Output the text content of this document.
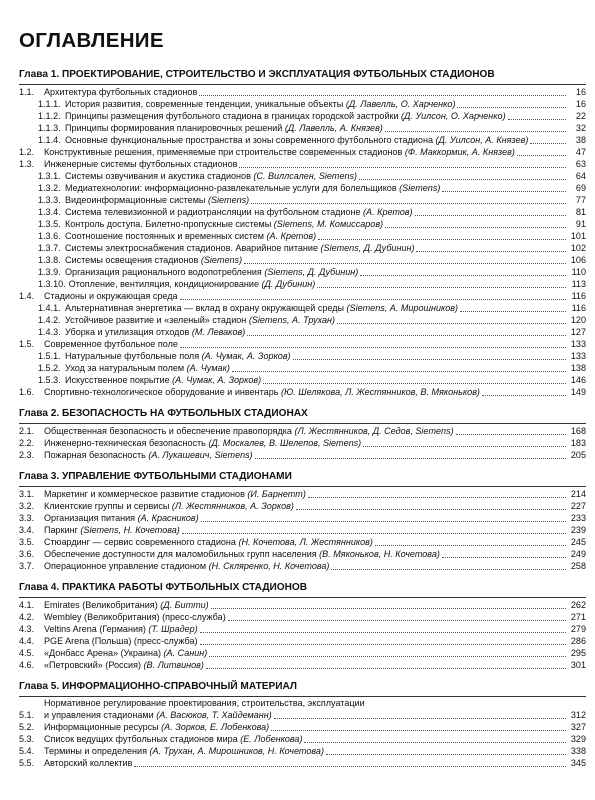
ОГЛАВЛЕНИЕ
Глава 1. ПРОЕКТИРОВАНИЕ, СТРОИТЕЛЬСТВО И ЭКСПЛУАТАЦИЯ ФУТБОЛЬНЫХ СТАДИОНОВ
1.1.	Архитектура футбольных стадионов	16
1.1.1. История развития, современные тенденции, уникальные объекты (Д. Лавелль, О. Харченко)	16
1.1.2. Принципы размещения футбольного стадиона в границах городской застройки (Д. Уилсон, О. Харченко)	22
1.1.3. Принципы формирования планировочных решений (Д. Лавелль, А. Князев)	32
1.1.4. Основные функциональные пространства и зоны современного футбольного стадиона (Д. Уилсон, А. Князев)	38
1.2.	Конструктивные решения, применяемые при строительстве современных стадионов (Ф. Маккормик, А. Князев)	47
1.3.	Инженерные системы футбольных стадионов	63
1.3.1. Системы озвучивания и акустика стадионов (С. Виллсален, Siemens)	64
1.3.2. Медиатехнологии: информационно-развлекательные услуги для болельщиков (Siemens)	69
1.3.3. Видеоинформационные системы (Siemens)	77
1.3.4. Система телевизионной и радиотрансляции на футбольном стадионе (А. Кретов)	81
1.3.5. Контроль доступа. Билетно-пропускные системы (Siemens, М. Комиссаров)	91
1.3.6. Соотношение постоянных и временных систем (А. Кретов)	101
1.3.7. Системы электроснабжения стадионов. Аварийное питание (Siemens, Д. Дубинин)	102
1.3.8. Системы освещения стадионов (Siemens)	106
1.3.9. Организация рационального водопотребления (Siemens, Д. Дубинин)	110
1.3.10. Отопление, вентиляция, кондиционирование (Д. Дубинин)	113
1.4.	Стадионы и окружающая среда	116
1.4.1. Альтернативная энергетика — вклад в охрану окружающей среды (Siemens, А. Мирошников)	116
1.4.2. Устойчивое развитие и «зеленый» стадион (Siemens, А. Трухан)	120
1.4.3. Уборка и утилизация отходов (М. Леваков)	127
1.5.	Современное футбольное поле	133
1.5.1. Натуральные футбольные поля (А. Чумак, А. Зорков)	133
1.5.2. Уход за натуральным полем (А. Чумак)	138
1.5.3. Искусственное покрытие (А. Чумак, А. Зорков)	146
1.6.	Спортивно-технологическое оборудование и инвентарь (Ю. Шелякова, Л. Жестянников, В. Мяконьков)	149
Глава 2. БЕЗОПАСНОСТЬ НА ФУТБОЛЬНЫХ СТАДИОНАХ
2.1.	Общественная безопасность и обеспечение правопорядка (Л. Жестянников, Д. Седов, Siemens)	168
2.2.	Инженерно-техническая безопасность (Д. Москалев, В. Шелепов, Siemens)	183
2.3.	Пожарная безопасность (А. Лукашевич, Siemens)	205
Глава 3. УПРАВЛЕНИЕ ФУТБОЛЬНЫМИ СТАДИОНАМИ
3.1.	Маркетинг и коммерческое развитие стадионов (И. Барнетт)	214
3.2.	Клиентские группы и сервисы (Л. Жестянников, А. Зорков)	227
3.3.	Организация питания (А. Красников)	233
3.4.	Паркинг (Siemens, Н. Кочетова)	239
3.5.	Стюардинг — сервис современного стадиона (Н. Кочетова, Л. Жестянников)	245
3.6.	Обеспечение доступности для маломобильных групп населения (В. Мяконьков, Н. Кочетова)	249
3.7.	Операционное управление стадионом (Н. Скляренко, Н. Кочетова)	258
Глава 4. ПРАКТИКА РАБОТЫ ФУТБОЛЬНЫХ СТАДИОНОВ
4.1.	Emirates (Великобритания) (Д. Битти)	262
4.2.	Wembley (Великобритания) (пресс-служба)	271
4.3.	Veltins Arena (Германия) (Т. Шрадер)	279
4.4.	PGE Arena (Польша) (пресс-служба)	286
4.5.	«Донбасс Арена» (Украина) (А. Санин)	295
4.6.	«Петровский» (Россия) (В. Литвинов)	301
Глава 5. ИНФОРМАЦИОННО-СПРАВОЧНЫЙ МАТЕРИАЛ
5.1.
Нормативное регулирование проектирования, строительства, эксплуатации
и управления стадионами (А. Васюков, Т. Хайдеманн)	312
5.2.	Информационные ресурсы (А. Зорков, Е. Лобенкова)	327
5.3.	Список ведущих футбольных стадионов мира (Е. Лобенкова)	329
5.4.	Термины и определения (А. Трухан, А. Мирошников, Н. Кочетова)	338
5.5.	Авторский коллектив	345
